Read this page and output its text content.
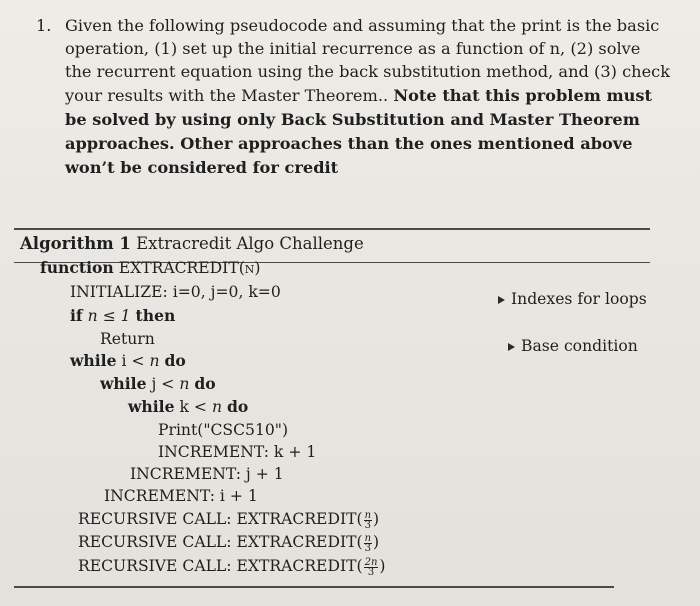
1. Given the following pseudocode and assuming that the print is the basic
operation, (1) set up the initial recurrence as a function of n, (2) solve
the recurrent equation using the back substitution method, and (3) check
your results with the Master Theorem.. Note that this problem must
be solved by using only Back Substitution and Master Theorem
approaches. Other approaches than the ones mentioned above
won’t be considered for credit
Algorithm 1 Extracredit Algo Challenge
function EXTRACREDIT(n)
INITIALIZE: i=0, j=0, k=0	Indexes for loops
if n ≤ 1 then
Return	Base condition
while i < n do
while j < n do
while k < n do
Print("CSC510")
INCREMENT: k + 1
INCREMENT: j + 1
INCREMENT: i + 1
RECURSIVE CALL: EXTRACREDIT( $\frac{n}{3}$ )
RECURSIVE CALL: EXTRACREDIT( $\frac{n}{3}$ )
RECURSIVE CALL: EXTRACREDIT( $\frac{2n}{3}$ )
